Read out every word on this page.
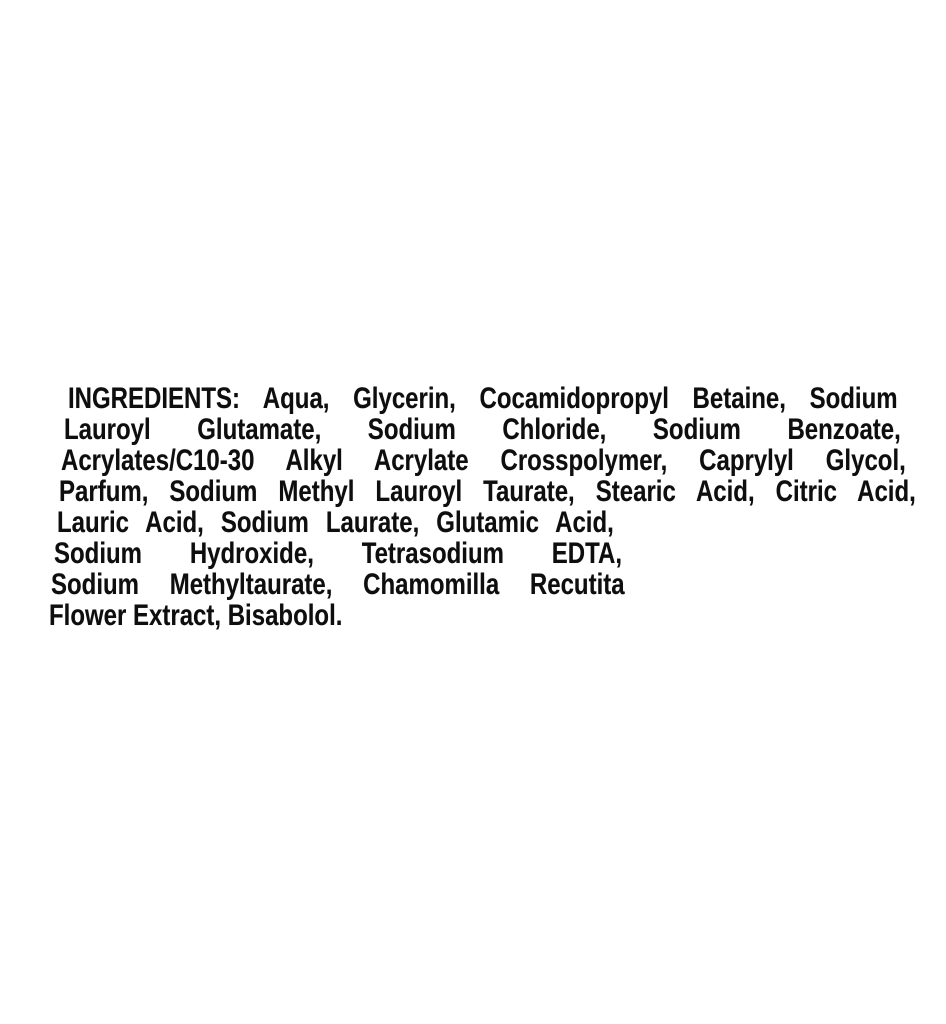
INGREDIENTS: Aqua, Glycerin, Cocamidopropyl Betaine, Sodium
Lauroyl Glutamate, Sodium Chloride, Sodium Benzoate,
Acrylates/C10-30 Alkyl Acrylate Crosspolymer, Caprylyl Glycol,
Parfum, Sodium Methyl Lauroyl Taurate, Stearic Acid, Citric Acid,
Lauric Acid, Sodium Laurate, Glutamic Acid,
Sodium Hydroxide, Tetrasodium EDTA,
Sodium Methyltaurate, Chamomilla Recutita
Flower Extract, Bisabolol.
